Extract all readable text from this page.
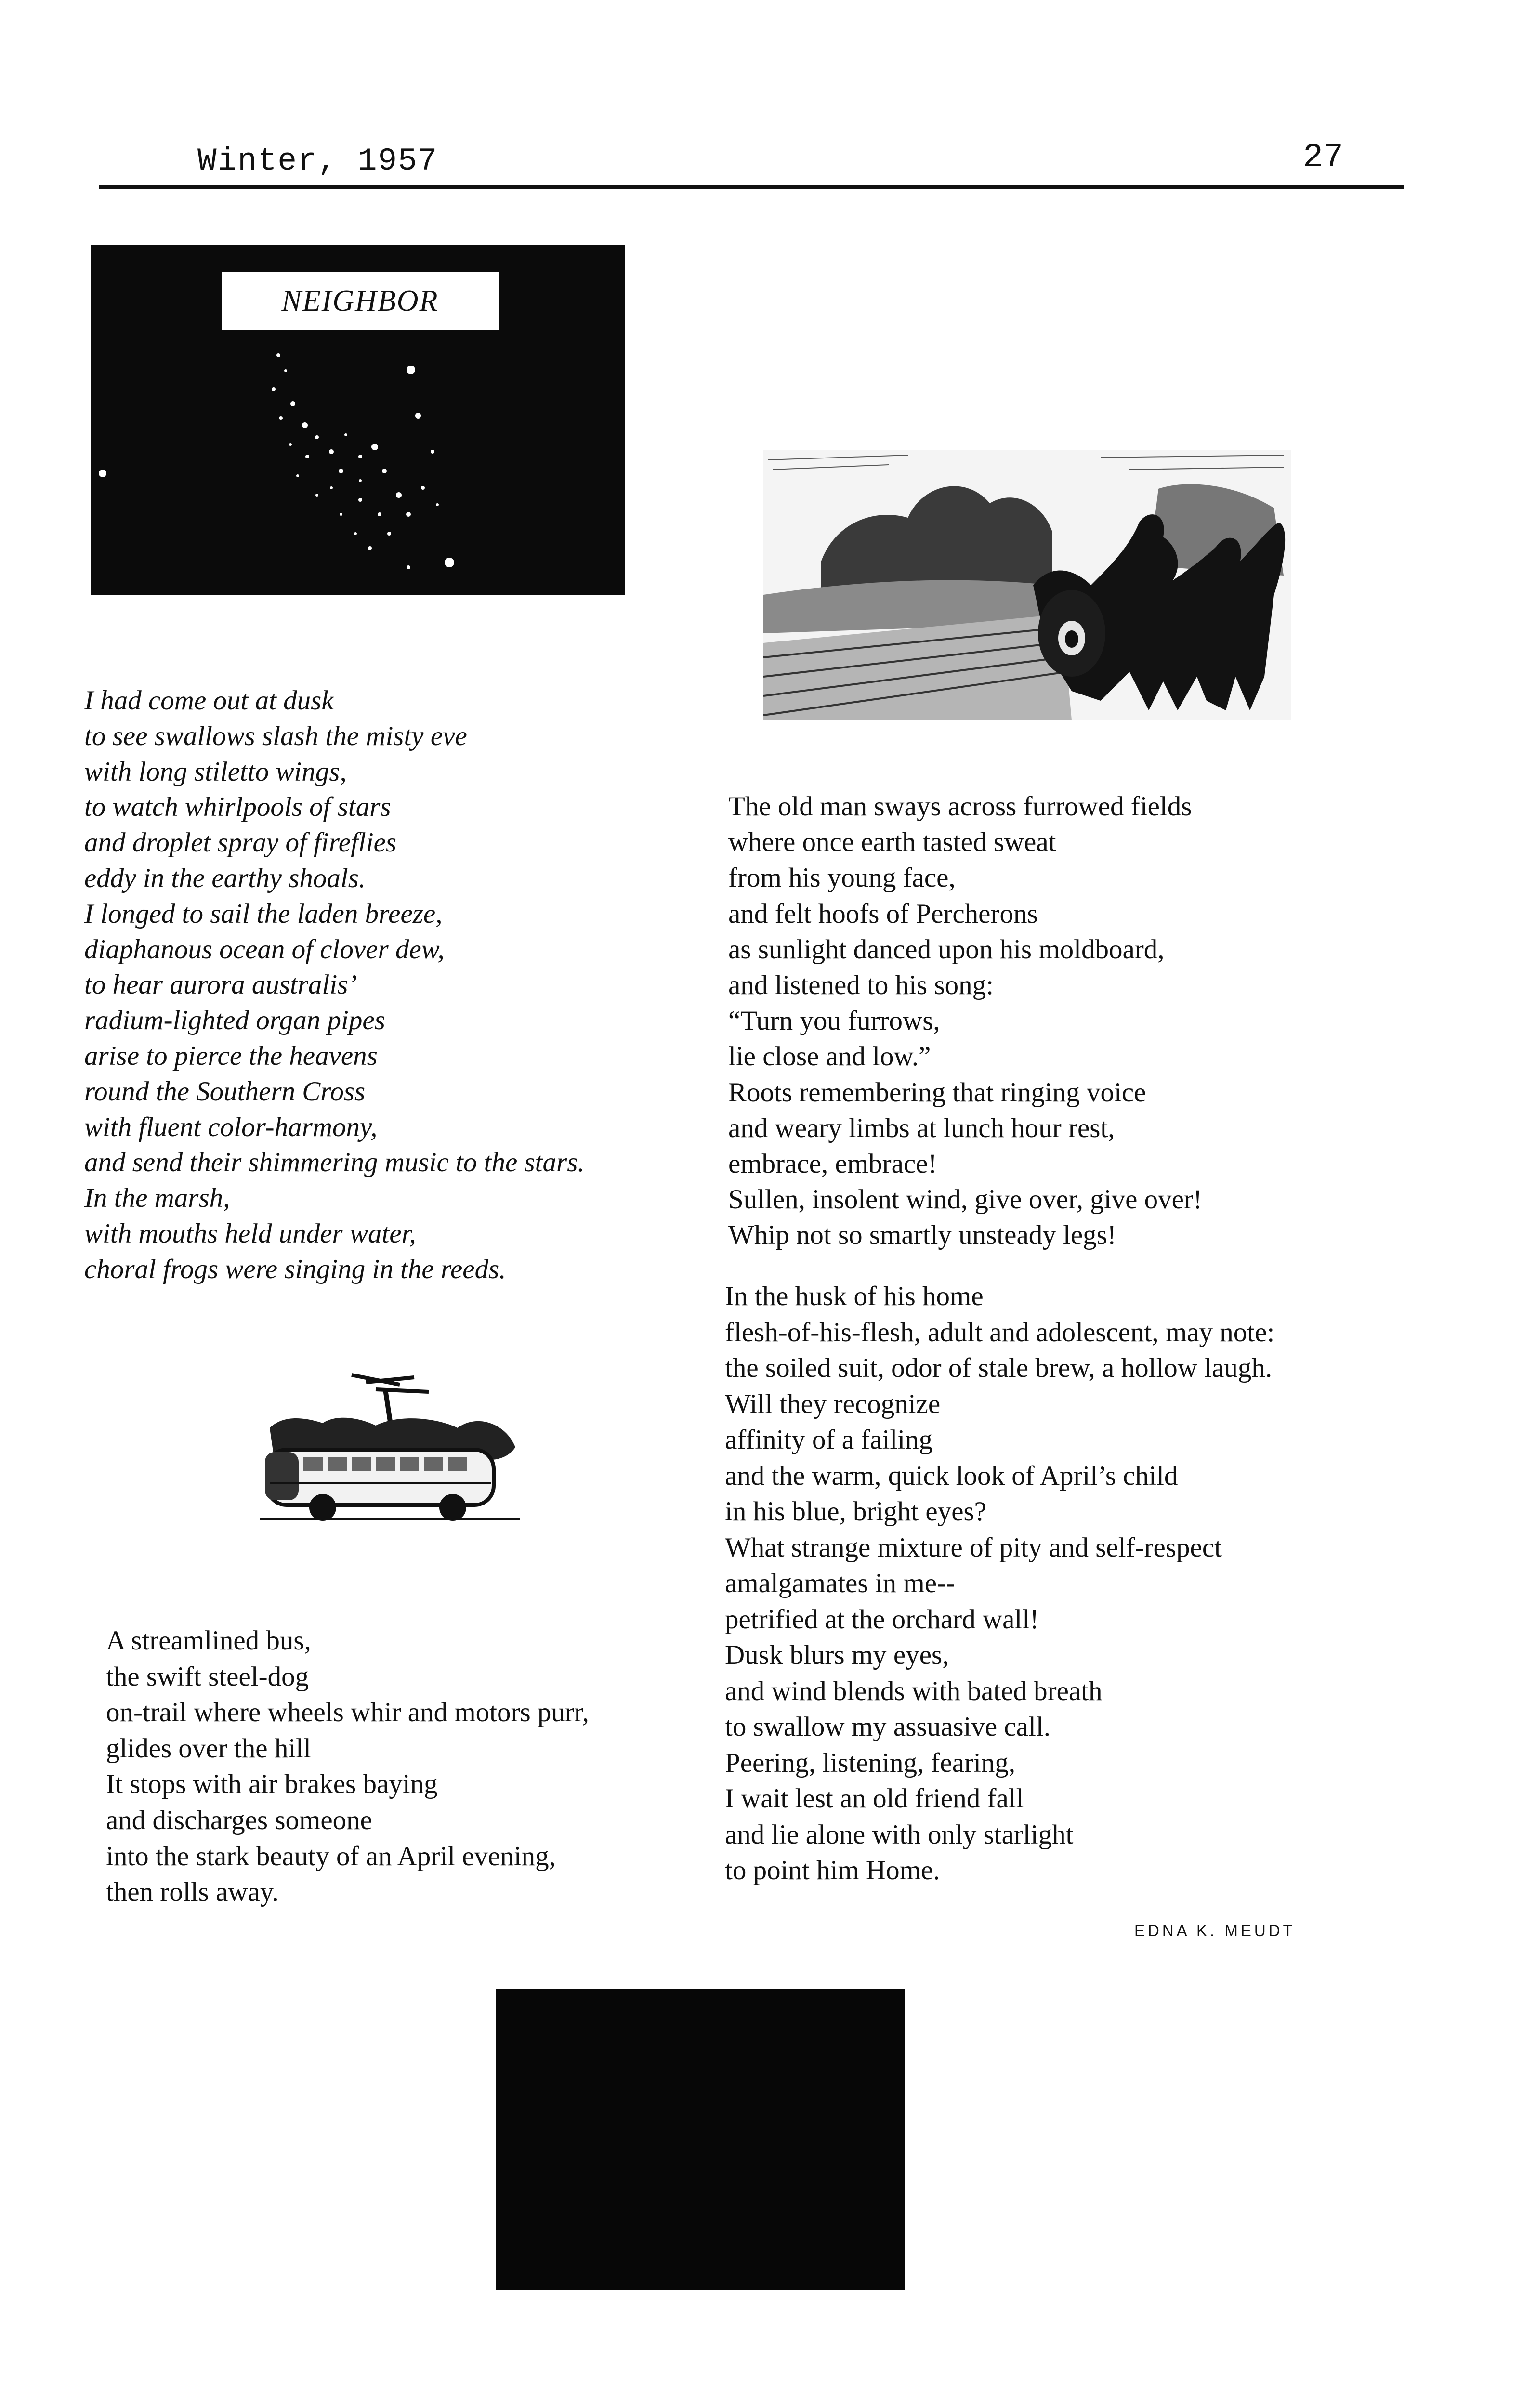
Winter, 1957	27
NEIGHBOR
I had come out at dusk
to see swallows slash the misty eve
with long stiletto wings,
to watch whirlpools of stars
and droplet spray of fireflies
eddy in the earthy shoals.
I longed to sail the laden breeze,
diaphanous ocean of clover dew,
to hear aurora australis’
radium-lighted organ pipes
arise to pierce the heavens
round the Southern Cross
with fluent color-harmony,
and send their shimmering music to the stars.
In the marsh,
with mouths held under water,
choral frogs were singing in the reeds.
A streamlined bus,
the swift steel-dog
on-trail where wheels whir and motors purr,
glides over the hill
It stops with air brakes baying
and discharges someone
into the stark beauty of an April evening,
then rolls away.
The old man sways across furrowed fields
where once earth tasted sweat
from his young face,
and felt hoofs of Percherons
as sunlight danced upon his moldboard,
and listened to his song:
“Turn you furrows,
lie close and low.”
Roots remembering that ringing voice
and weary limbs at lunch hour rest,
embrace, embrace!
Sullen, insolent wind, give over, give over!
Whip not so smartly unsteady legs!
In the husk of his home
flesh-of-his-flesh, adult and adolescent, may note:
the soiled suit, odor of stale brew, a hollow laugh.
Will they recognize
affinity of a failing
and the warm, quick look of April’s child
in his blue, bright eyes?
What strange mixture of pity and self-respect
amalgamates in me--
petrified at the orchard wall!
Dusk blurs my eyes,
and wind blends with bated breath
to swallow my assuasive call.
Peering, listening, fearing,
I wait lest an old friend fall
and lie alone with only starlight
to point him Home.
EDNA K. MEUDT
